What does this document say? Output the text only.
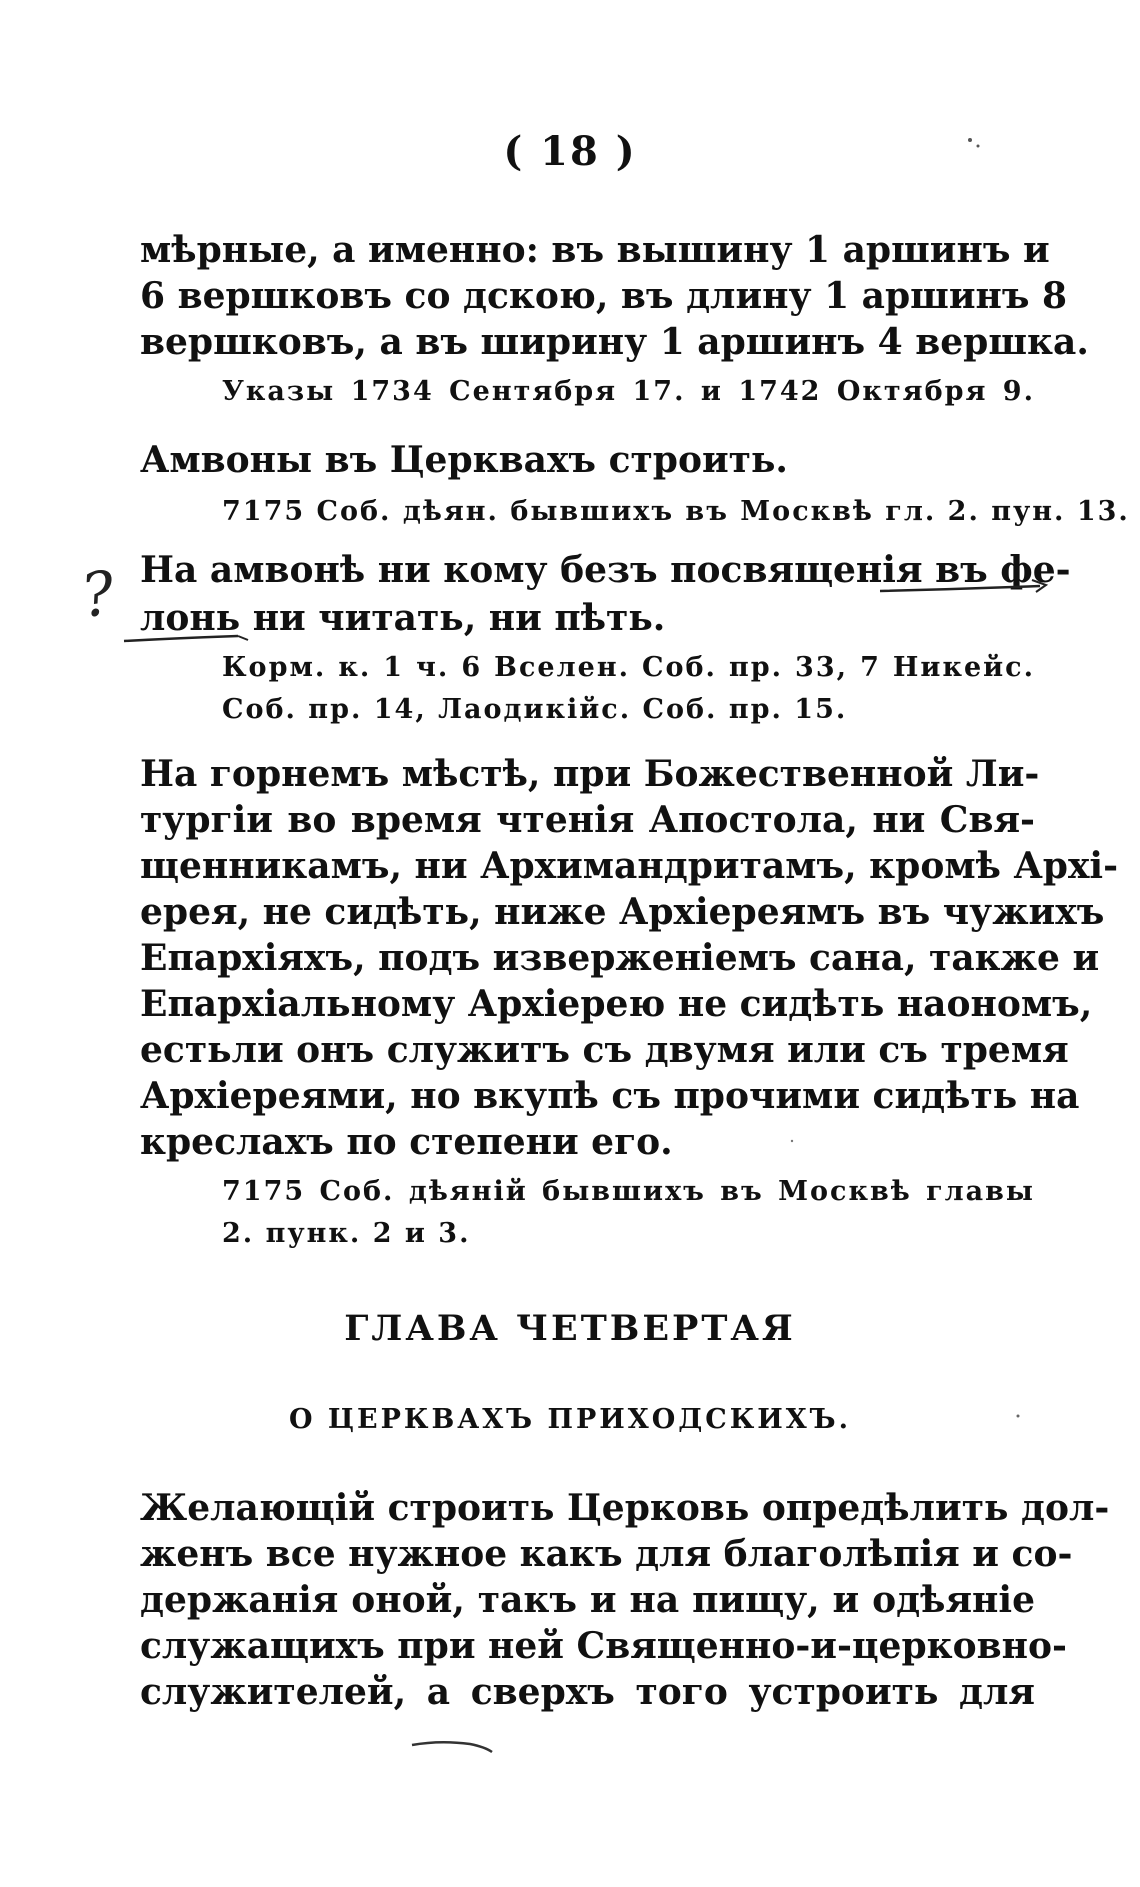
( 18 )
мѣрные, а именно: въ вышину 1 аршинъ и
6 вершковъ со дскою, въ длину 1 аршинъ 8
вершковъ, а въ ширину 1 аршинъ 4 вершка.
Указы 1734 Сентября 17. и 1742 Октября 9.
Амвоны въ Церквахъ строить.
7175 Соб. дѣян. бывшихъ въ Москвѣ гл. 2. пун. 13.
На амвонѣ ни кому безъ посвященія въ фе-
лонь ни читать, ни пѣть.
Корм. к. 1 ч. 6 Вселен. Соб. пр. 33, 7 Никейс.
Соб. пр. 14, Лаодикійс. Соб. пр. 15.
На горнемъ мѣстѣ, при Божественной Ли-
тургіи во время чтенія Апостола, ни Свя-
щенникамъ, ни Архимандритамъ, кромѣ Архі-
ерея, не сидѣть, ниже Архіереямъ въ чужихъ
Епархіяхъ, подъ изверженіемъ сана, также и
Епархіальному Архіерею не сидѣть наономъ,
естьли онъ служитъ съ двумя или съ тремя
Архіереями, но вкупѣ съ прочими сидѣть на
креслахъ по степени его.
7175 Соб. дѣяній бывшихъ въ Москвѣ главы
2. пунк. 2 и 3.
ГЛАВА ЧЕТВЕРТАЯ
О ЦЕРКВАХЪ ПРИХОДСКИХЪ.
Желающій строить Церковь опредѣлить дол-
женъ все нужное какъ для благолѣпія и со-
держанія оной, такъ и на пищу, и одѣяніе
служащихъ при ней Священно-и-церковно-
служителей, а сверхъ того устроить для
?
